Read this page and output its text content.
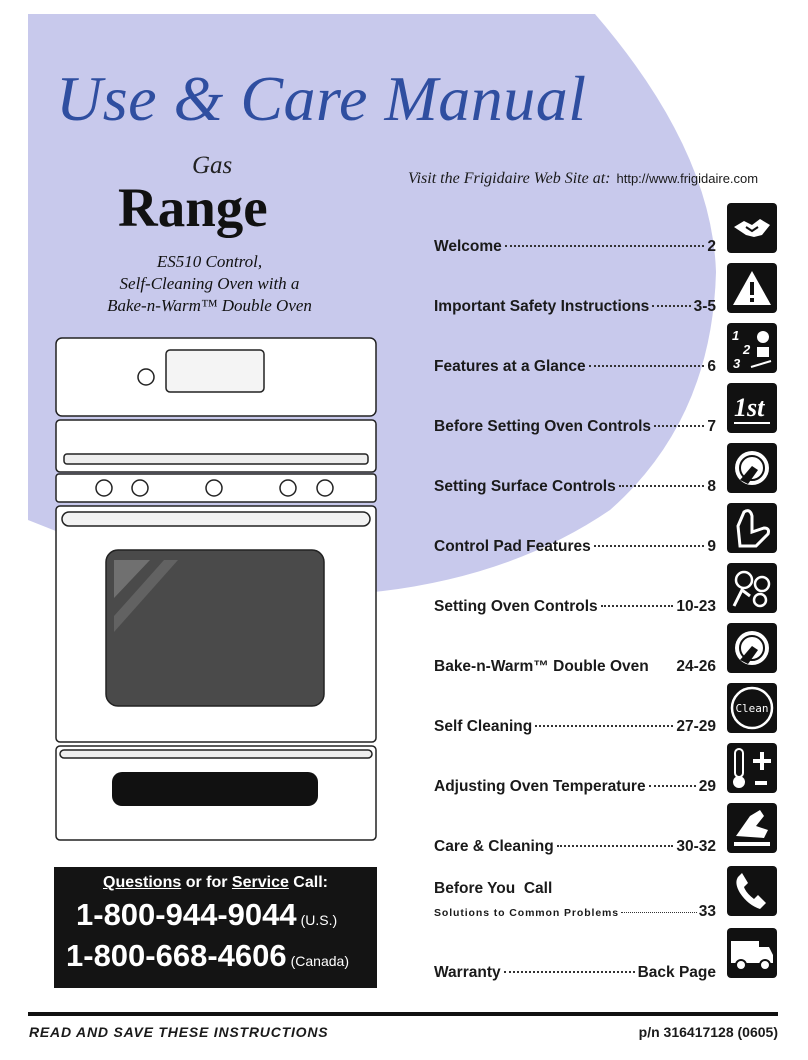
Use & Care Manual
Gas
Range
ES510 Control,
Self-Cleaning Oven with a
Bake-n-Warm™ Double Oven
Visit the Frigidaire Web Site at: http://www.frigidaire.com
Welcome	2
Important Safety Instructions	3-5
Features at a Glance	6
Before Setting Oven Controls	7
Setting Surface Controls	8
Control Pad Features	9
Setting Oven Controls	10-23
Bake-n-Warm™ Double Oven 24-26
Self Cleaning	27-29
Adjusting Oven Temperature	29
Care & Cleaning	30-32
Before You  Call
Solutions to Common Problems	33
Warranty	Back Page
1
2
3
1st
Clean
Questions or for Service Call:
1-800-944-9044 (U.S.)
1-800-668-4606 (Canada)
READ AND SAVE THESE INSTRUCTIONS	p/n 316417128 (0605)
